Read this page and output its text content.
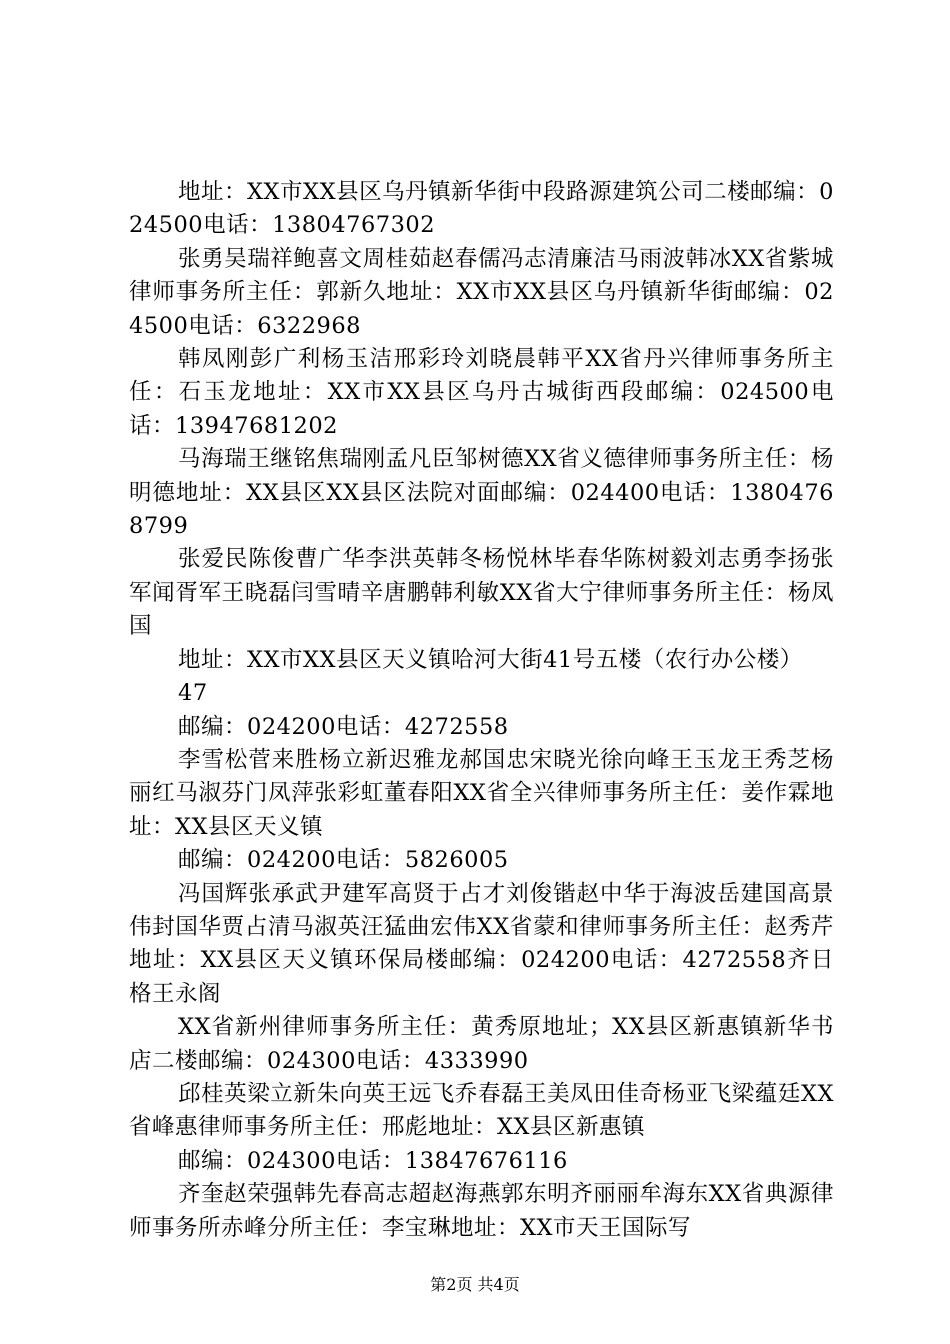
地址：XX市XX县区乌丹镇新华街中段路源建筑公司二楼邮编：024500电话：13804767302

张勇吴瑞祥鲍喜文周桂茹赵春儒冯志清廉洁马雨波韩冰XX省紫城律师事务所主任：郭新久地址：XX市XX县区乌丹镇新华街邮编：024500电话：6322968

韩凤刚彭广利杨玉洁邢彩玲刘晓晨韩平XX省丹兴律师事务所主任：石玉龙地址：XX市XX县区乌丹古城街西段邮编：024500电话：13947681202

马海瑞王继铭焦瑞刚孟凡臣邹树德XX省义德律师事务所主任：杨明德地址：XX县区XX县区法院对面邮编：024400电话：13804768799

张爱民陈俊曹广华李洪英韩冬杨悦林毕春华陈树毅刘志勇李扬张军闻胥军王晓磊闫雪晴辛唐鹏韩利敏XX省大宁律师事务所主任：杨凤国

地址：XX市XX县区天义镇哈河大街41号五楼（农行办公楼）

47

邮编：024200电话：4272558

李雪松菅来胜杨立新迟雅龙郝国忠宋晓光徐向峰王玉龙王秀芝杨丽红马淑芬门凤萍张彩虹董春阳XX省全兴律师事务所主任：姜作霖地址：XX县区天义镇

邮编：024200电话：5826005

冯国辉张承武尹建军高贤于占才刘俊锴赵中华于海波岳建国高景伟封国华贾占清马淑英汪猛曲宏伟XX省蒙和律师事务所主任：赵秀芹地址：XX县区天义镇环保局楼邮编：024200电话：4272558齐日格王永阁

XX省新州律师事务所主任：黄秀原地址；XX县区新惠镇新华书店二楼邮编：024300电话：4333990

邱桂英梁立新朱向英王远飞乔春磊王美凤田佳奇杨亚飞梁蕴廷XX省峰惠律师事务所主任：邢彪地址：XX县区新惠镇

邮编：024300电话：13847676116

齐奎赵荣强韩先春高志超赵海燕郭东明齐丽丽牟海东XX省典源律师事务所赤峰分所主任：李宝琳地址：XX市天王国际写

第2页 共4页
